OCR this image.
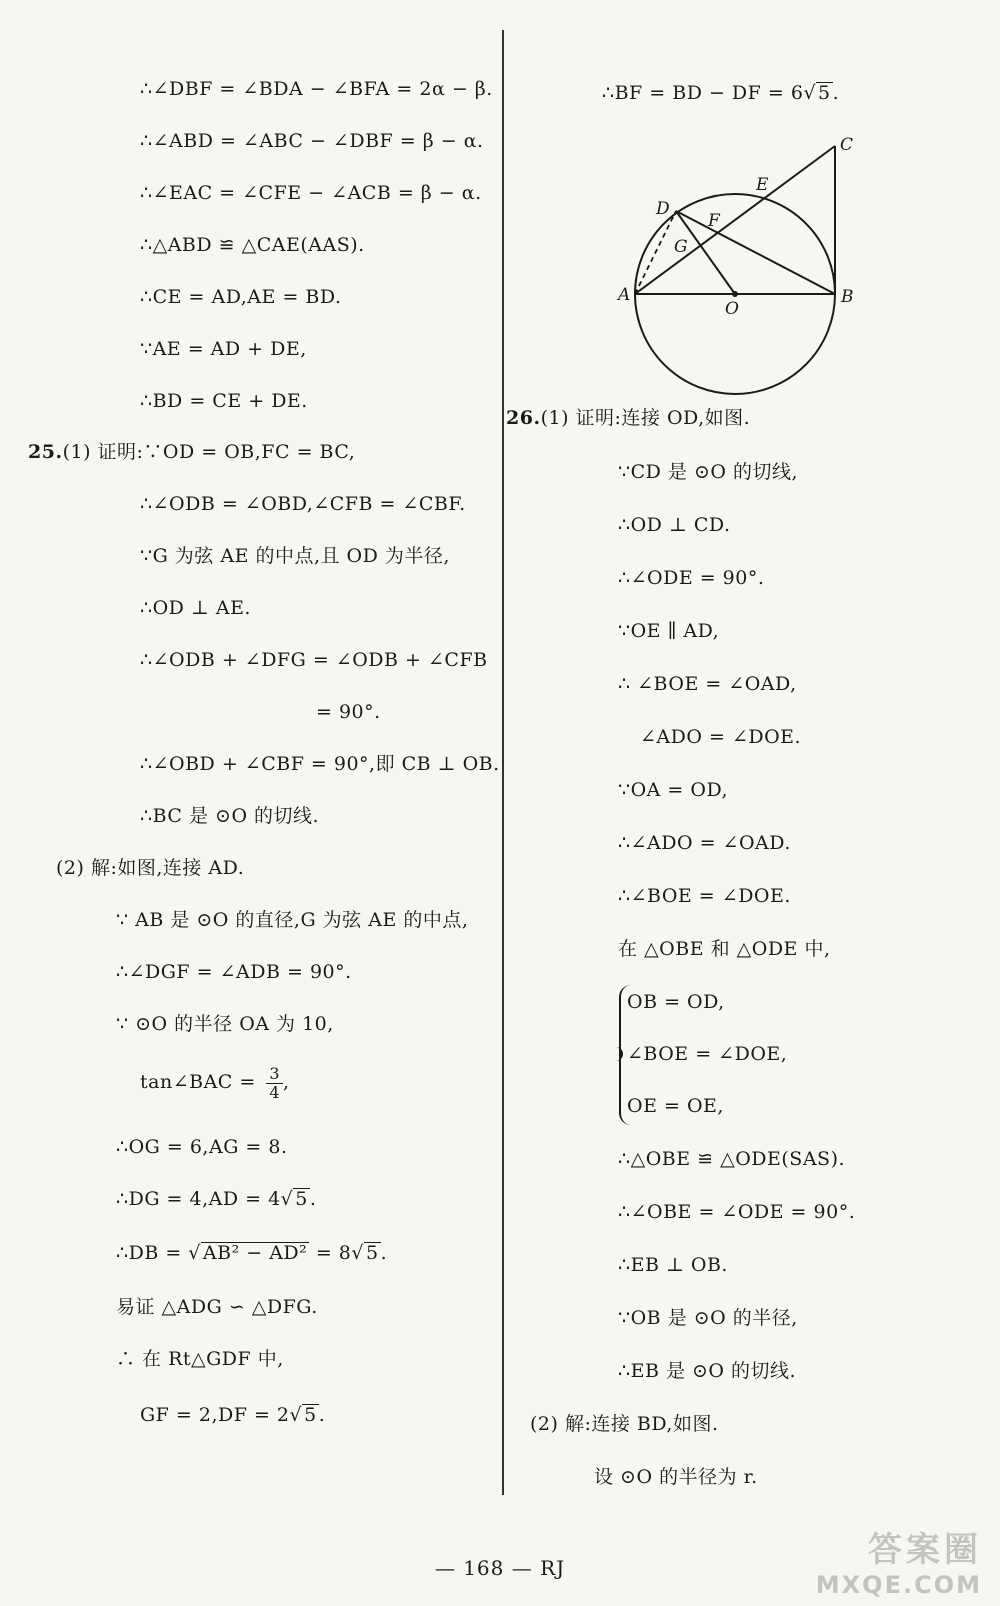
∴∠DBF = ∠BDA − ∠BFA = 2α − β.
∴∠ABD = ∠ABC − ∠DBF = β − α.
∴∠EAC = ∠CFE − ∠ACB = β − α.
∴△ABD ≌ △CAE(AAS).
∴CE = AD,AE = BD.
∵AE = AD + DE,
∴BD = CE + DE.
25.(1) 证明:∵OD = OB,FC = BC,
∴∠ODB = ∠OBD,∠CFB = ∠CBF.
∵G 为弦 AE 的中点,且 OD 为半径,
∴OD ⊥ AE.
∴∠ODB + ∠DFG = ∠ODB + ∠CFB
= 90°.
∴∠OBD + ∠CBF = 90°,即 CB ⊥ OB.
∴BC 是 ⊙O 的切线.
(2) 解:如图,连接 AD.
∵ AB 是 ⊙O 的直径,G 为弦 AE 的中点,
∴∠DGF = ∠ADB = 90°.
∵ ⊙O 的半径 OA 为 10,
tan∠BAC = $\frac{3}{4}$ ,
∴OG = 6,AG = 8.
∴DG = 4,AD = 4√ 5 .
∴DB = √ AB² − AD² = 8√ 5 .
易证 △ADG ∽ △DFG.
∴ 在 Rt△GDF 中,
GF = 2,DF = 2√ 5 .
∴BF = BD − DF = 6√ 5 .
C
E
D
F
G
A
O
B
26.(1) 证明:连接 OD,如图.
∵CD 是 ⊙O 的切线,
∴OD ⊥ CD.
∴∠ODE = 90°.
∵OE ∥ AD,
∴ ∠BOE = ∠OAD,
∠ADO = ∠DOE.
∵OA = OD,
∴∠ADO = ∠OAD.
∴∠BOE = ∠DOE.
在 △OBE 和 △ODE 中,
OB = OD,
∠BOE = ∠DOE,
OE = OE,
∴△OBE ≌ △ODE(SAS).
∴∠OBE = ∠ODE = 90°.
∴EB ⊥ OB.
∵OB 是 ⊙O 的半径,
∴EB 是 ⊙O 的切线.
(2) 解:连接 BD,如图.
设 ⊙O 的半径为 r.
— 168 — RJ	答案圈
MXQE.COM
